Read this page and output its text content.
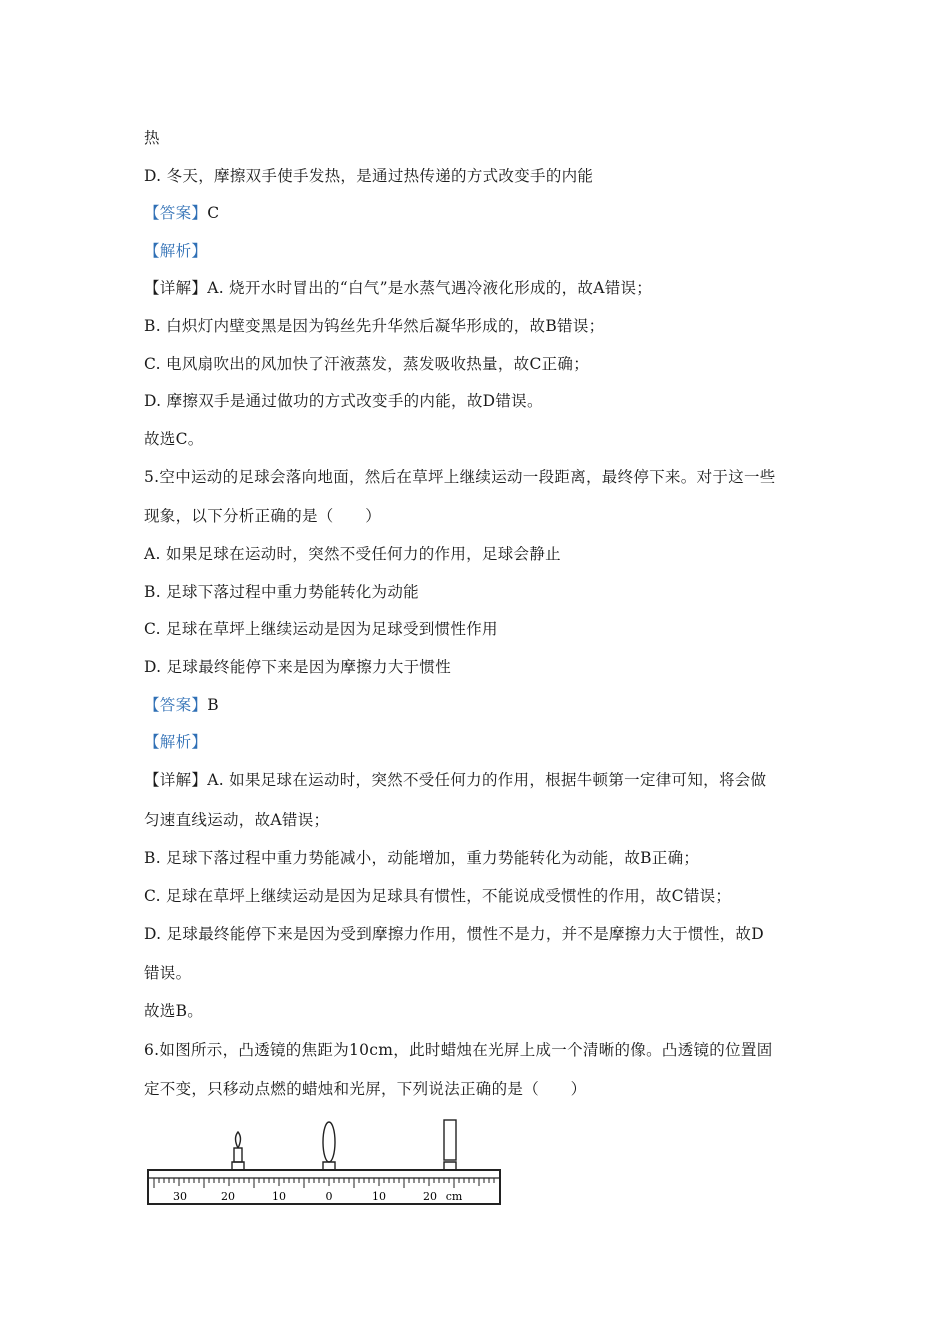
热
D. 冬天，摩擦双手使手发热，是通过热传递的方式改变手的内能
【答案】C
【解析】
【详解】A. 烧开水时冒出的“白气”是水蒸气遇冷液化形成的，故A错误；
B. 白炽灯内壁变黑是因为钨丝先升华然后凝华形成的，故B错误；
C. 电风扇吹出的风加快了汗液蒸发，蒸发吸收热量，故C正确；
D. 摩擦双手是通过做功的方式改变手的内能，故D错误。
故选C。
5.空中运动的足球会落向地面，然后在草坪上继续运动一段距离，最终停下来。对于这一些
现象，以下分析正确的是（　　）
A. 如果足球在运动时，突然不受任何力的作用，足球会静止
B. 足球下落过程中重力势能转化为动能
C. 足球在草坪上继续运动是因为足球受到惯性作用
D. 足球最终能停下来是因为摩擦力大于惯性
【答案】B
【解析】
【详解】A. 如果足球在运动时，突然不受任何力的作用，根据牛顿第一定律可知，将会做
匀速直线运动，故A错误；
B. 足球下落过程中重力势能减小，动能增加，重力势能转化为动能，故B正确；
C. 足球在草坪上继续运动是因为足球具有惯性，不能说成受惯性的作用，故C错误；
D. 足球最终能停下来是因为受到摩擦力作用，惯性不是力，并不是摩擦力大于惯性，故D
错误。
故选B。
6.如图所示，凸透镜的焦距为10cm，此时蜡烛在光屏上成一个清晰的像。凸透镜的位置固
定不变，只移动点燃的蜡烛和光屏，下列说法正确的是（　　）
30	20	10	0	10	20 cm
